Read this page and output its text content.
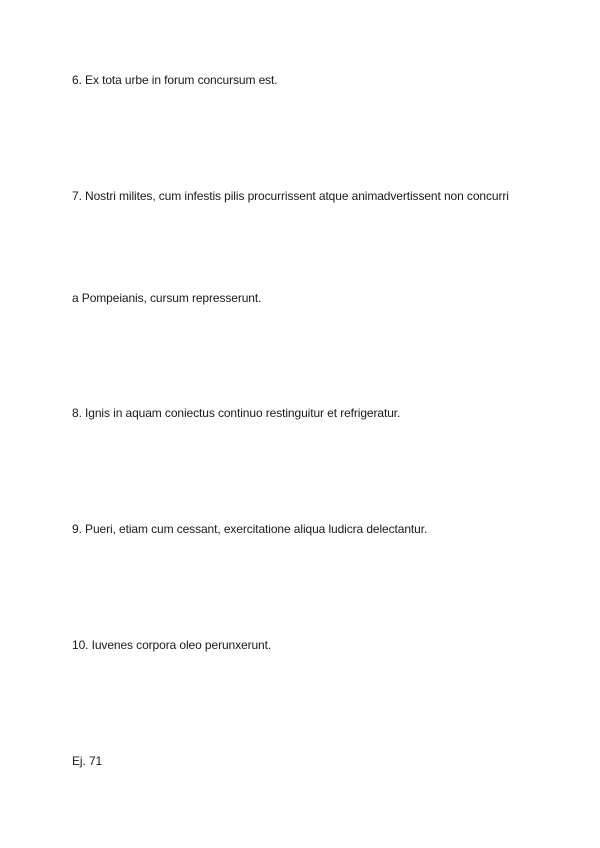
6. Ex tota urbe in forum concursum est.
7. Nostri milites, cum infestis pilis procurrissent atque animadvertissent non concurri
a Pompeianis, cursum represserunt.
8. Ignis in aquam coniectus continuo restinguitur et refrigeratur.
9. Pueri, etiam cum cessant, exercitatione aliqua ludicra delectantur.
10. Iuvenes corpora oleo perunxerunt.
Ej. 71
